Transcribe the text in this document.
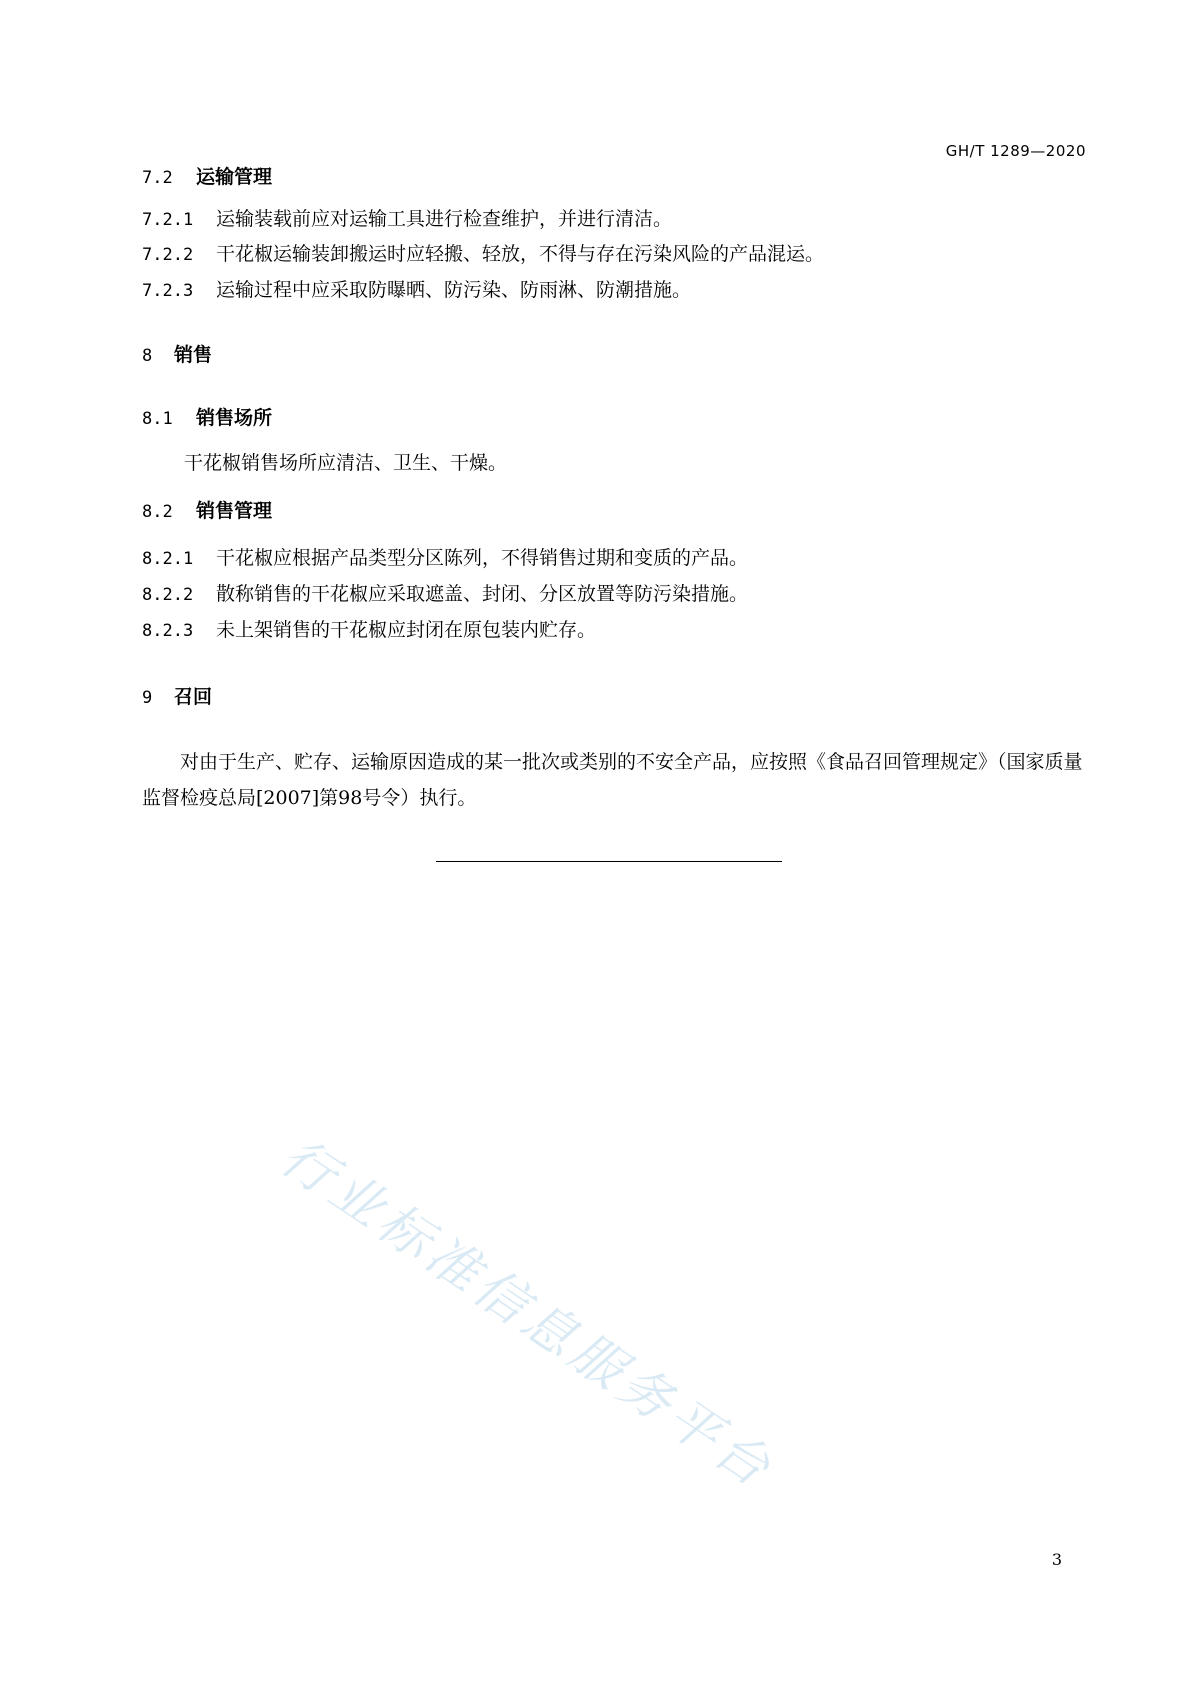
GH/T 1289—2020
7.2 运输管理
7.2.1 运输装载前应对运输工具进行检查维护，并进行清洁。
7.2.2 干花椒运输装卸搬运时应轻搬、轻放，不得与存在污染风险的产品混运。
7.2.3 运输过程中应采取防曝晒、防污染、防雨淋、防潮措施。
8 销售
8.1 销售场所
干花椒销售场所应清洁、卫生、干燥。
8.2 销售管理
8.2.1 干花椒应根据产品类型分区陈列，不得销售过期和变质的产品。
8.2.2 散称销售的干花椒应采取遮盖、封闭、分区放置等防污染措施。
8.2.3 未上架销售的干花椒应封闭在原包装内贮存。
9 召回
对由于生产、贮存、运输原因造成的某一批次或类别的不安全产品，应按照《食品召回管理规定》（国家质量监督检疫总局[2007]第98号令）执行。
行业标准信息服务平台
3
